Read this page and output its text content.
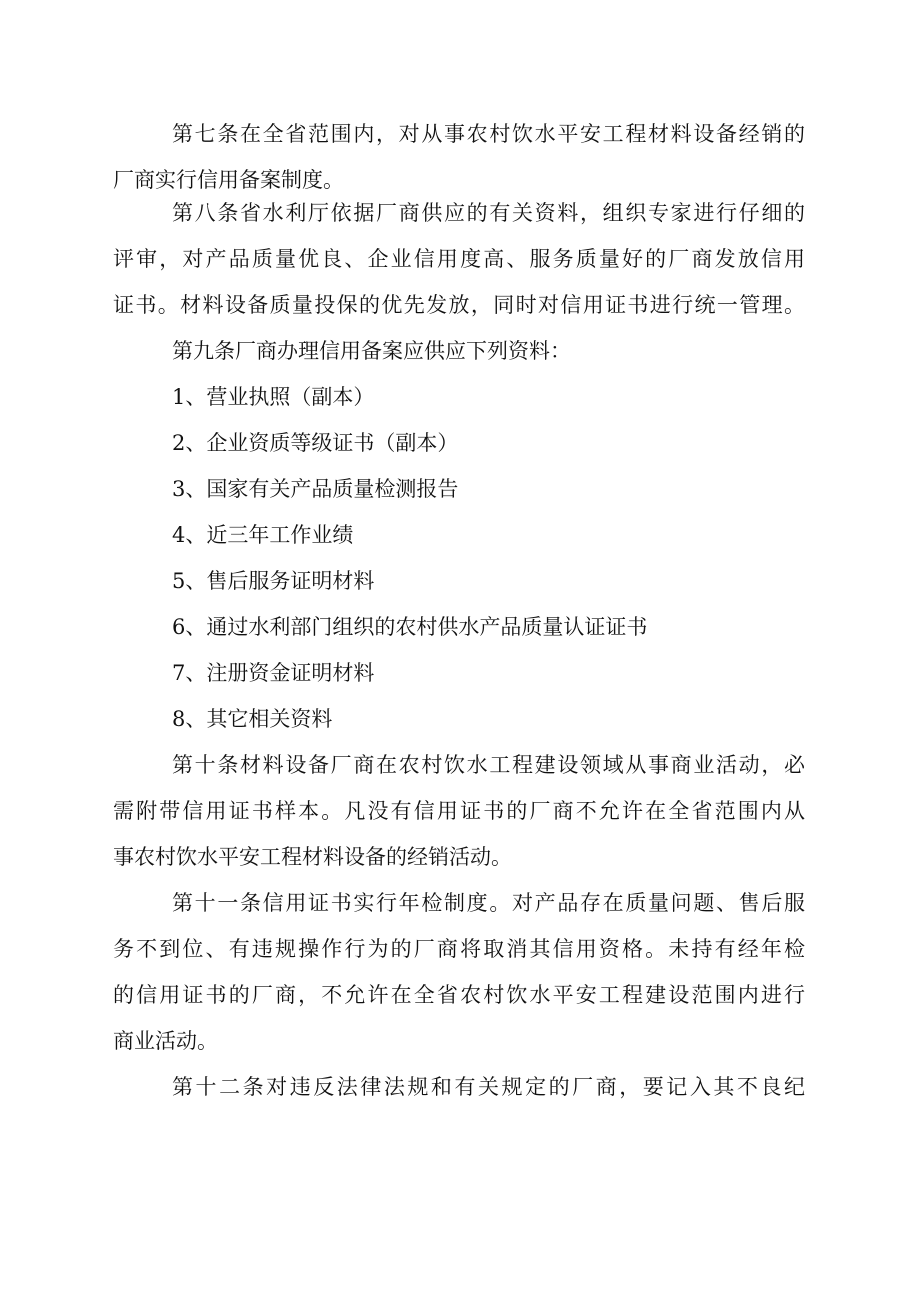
第七条在全省范围内，对从事农村饮水平安工程材料设备经销的
厂商实行信用备案制度。
第八条省水利厅依据厂商供应的有关资料，组织专家进行仔细的
评审，对产品质量优良、企业信用度高、服务质量好的厂商发放信用
证书。材料设备质量投保的优先发放，同时对信用证书进行统一管理。
第九条厂商办理信用备案应供应下列资料：
1、营业执照（副本）
2、企业资质等级证书（副本）
3、国家有关产品质量检测报告
4、近三年工作业绩
5、售后服务证明材料
6、通过水利部门组织的农村供水产品质量认证证书
7、注册资金证明材料
8、其它相关资料
第十条材料设备厂商在农村饮水工程建设领域从事商业活动，必
需附带信用证书样本。凡没有信用证书的厂商不允许在全省范围内从
事农村饮水平安工程材料设备的经销活动。
第十一条信用证书实行年检制度。对产品存在质量问题、售后服
务不到位、有违规操作行为的厂商将取消其信用资格。未持有经年检
的信用证书的厂商，不允许在全省农村饮水平安工程建设范围内进行
商业活动。
第十二条对违反法律法规和有关规定的厂商，要记入其不良纪
